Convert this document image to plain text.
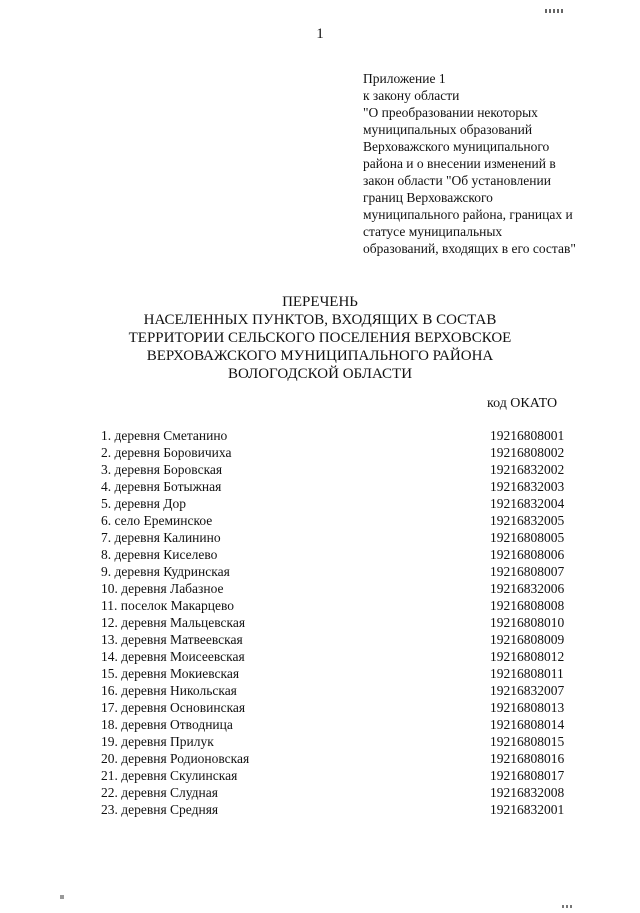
1
Приложение 1
к закону области
"О преобразовании некоторых
муниципальных образований
Верховажского муниципального
района и о внесении изменений в
закон области "Об установлении
границ Верховажского
муниципального района, границах и
статусе муниципальных
образований, входящих в его состав"
ПЕРЕЧЕНЬ
НАСЕЛЕННЫХ ПУНКТОВ, ВХОДЯЩИХ В СОСТАВ
ТЕРРИТОРИИ СЕЛЬСКОГО ПОСЕЛЕНИЯ ВЕРХОВСКОЕ
ВЕРХОВАЖСКОГО МУНИЦИПАЛЬНОГО РАЙОНА
ВОЛОГОДСКОЙ ОБЛАСТИ
код ОКАТО
1. деревня Сметанино	19216808001
2. деревня Боровичиха	19216808002
3. деревня Боровская	19216832002
4. деревня Ботыжная	19216832003
5. деревня Дор	19216832004
6. село Ереминское	19216832005
7. деревня Калинино	19216808005
8. деревня Киселево	19216808006
9. деревня Кудринская	19216808007
10. деревня Лабазное	19216832006
11. поселок Макарцево	19216808008
12. деревня Мальцевская	19216808010
13. деревня Матвеевская	19216808009
14. деревня Моисеевская	19216808012
15. деревня Мокиевская	19216808011
16. деревня Никольская	19216832007
17. деревня Основинская	19216808013
18. деревня Отводница	19216808014
19. деревня Прилук	19216808015
20. деревня Родионовская	19216808016
21. деревня Скулинская	19216808017
22. деревня Слудная	19216832008
23. деревня Средняя	19216832001
